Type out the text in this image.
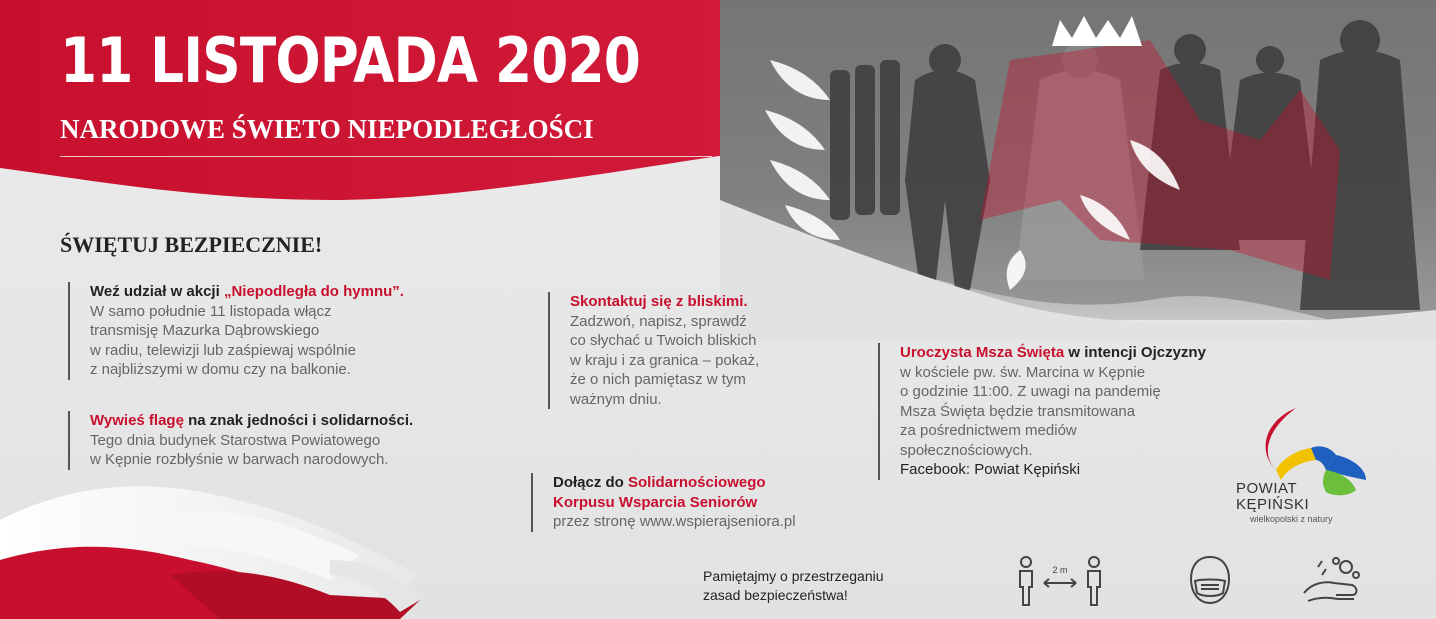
11 LISTOPADA 2020
NARODOWE ŚWIETO NIEPODLEGŁOŚCI
ŚWIĘTUJ BEZPIECZNIE!

Weź udział w akcji „Niepodległa do hymnu”.

W samo południe 11 listopada włącz

transmisję Mazurka Dąbrowskiego

w radiu, telewizji lub zaśpiewaj wspólnie

z najbliższymi w domu czy na balkonie.

Wywieś flagę na znak jedności i solidarności.

Tego dnia budynek Starostwa Powiatowego

w Kępnie rozbłyśnie w barwach narodowych.

Skontaktuj się z bliskimi.

Zadzwoń, napisz, sprawdź

co słychać u Twoich bliskich

w kraju i za granica – pokaż,

że o nich pamiętasz w tym

ważnym dniu.

Dołącz do Solidarnościowego

Korpusu Wsparcia Seniorów

przez stronę www.wspierajseniora.pl

Uroczysta Msza Święta w intencji Ojczyzny

w kościele pw. św. Marcina w Kępnie

o godzinie 11:00. Z uwagi na pandemię

Msza Święta będzie transmitowana

za pośrednictwem mediów

społecznościowych.

Facebook: Powiat Kępiński

POWIAT
KĘPIŃSKI
wielkopolski z natury

Pamiętajmy o przestrzeganiu

zasad bezpieczeństwa!

2 m
